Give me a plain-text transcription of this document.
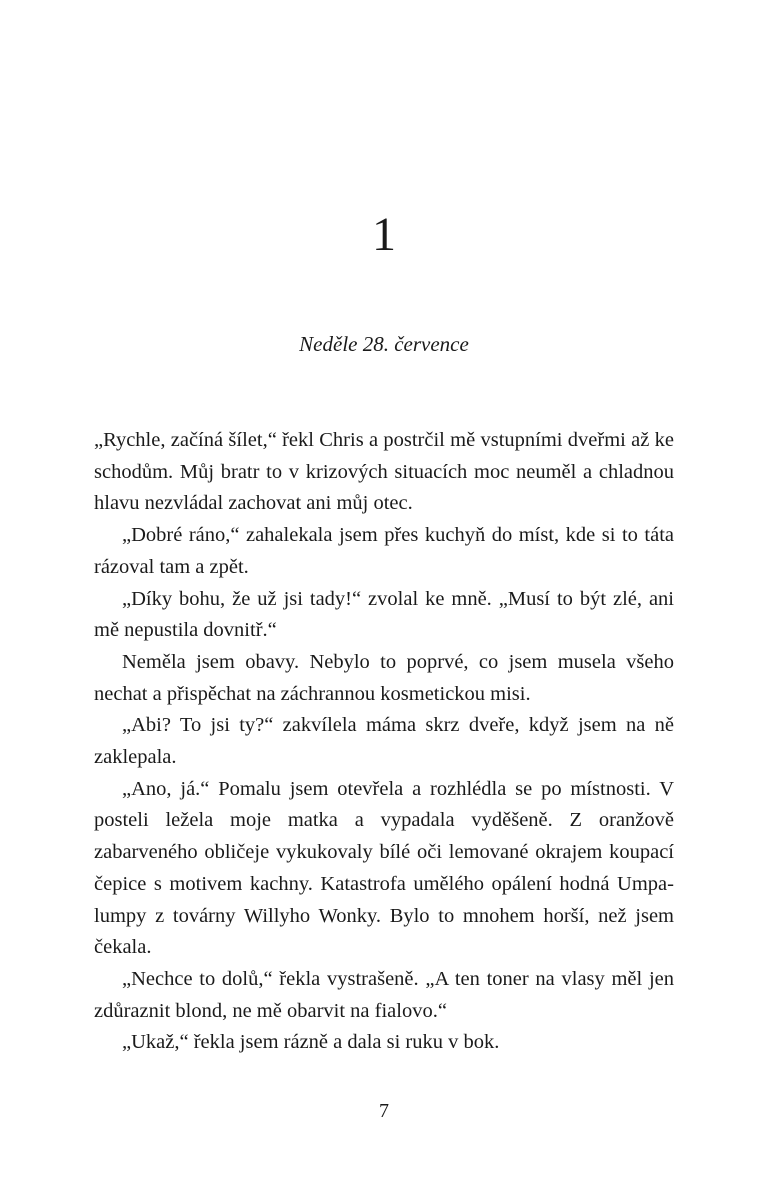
1

Neděle 28. července

„Rychle, začíná šílet,“ řekl Chris a postrčil mě vstupními dveřmi až ke schodům. Můj bratr to v krizových situacích moc neuměl a chladnou hlavu nezvládal zachovat ani můj otec.

„Dobré ráno,“ zahalekala jsem přes kuchyň do míst, kde si to táta rázoval tam a zpět.

„Díky bohu, že už jsi tady!“ zvolal ke mně. „Musí to být zlé, ani mě nepustila dovnitř.“

Neměla jsem obavy. Nebylo to poprvé, co jsem musela všeho nechat a přispěchat na záchrannou kosmetickou misi.

„Abi? To jsi ty?“ zakvílela máma skrz dveře, když jsem na ně zaklepala.

„Ano, já.“ Pomalu jsem otevřela a rozhlédla se po místnosti. V posteli ležela moje matka a vypadala vyděšeně. Z oranžově zabarveného obličeje vykukovaly bílé oči lemované okrajem koupací čepice s motivem kachny. Katastrofa umělého opálení hodná Umpa-lumpy z továrny Willyho Wonky. Bylo to mnohem horší, než jsem čekala.

„Nechce to dolů,“ řekla vystrašeně. „A ten toner na vlasy měl jen zdůraznit blond, ne mě obarvit na fialovo.“

„Ukaž,“ řekla jsem rázně a dala si ruku v bok.

7
